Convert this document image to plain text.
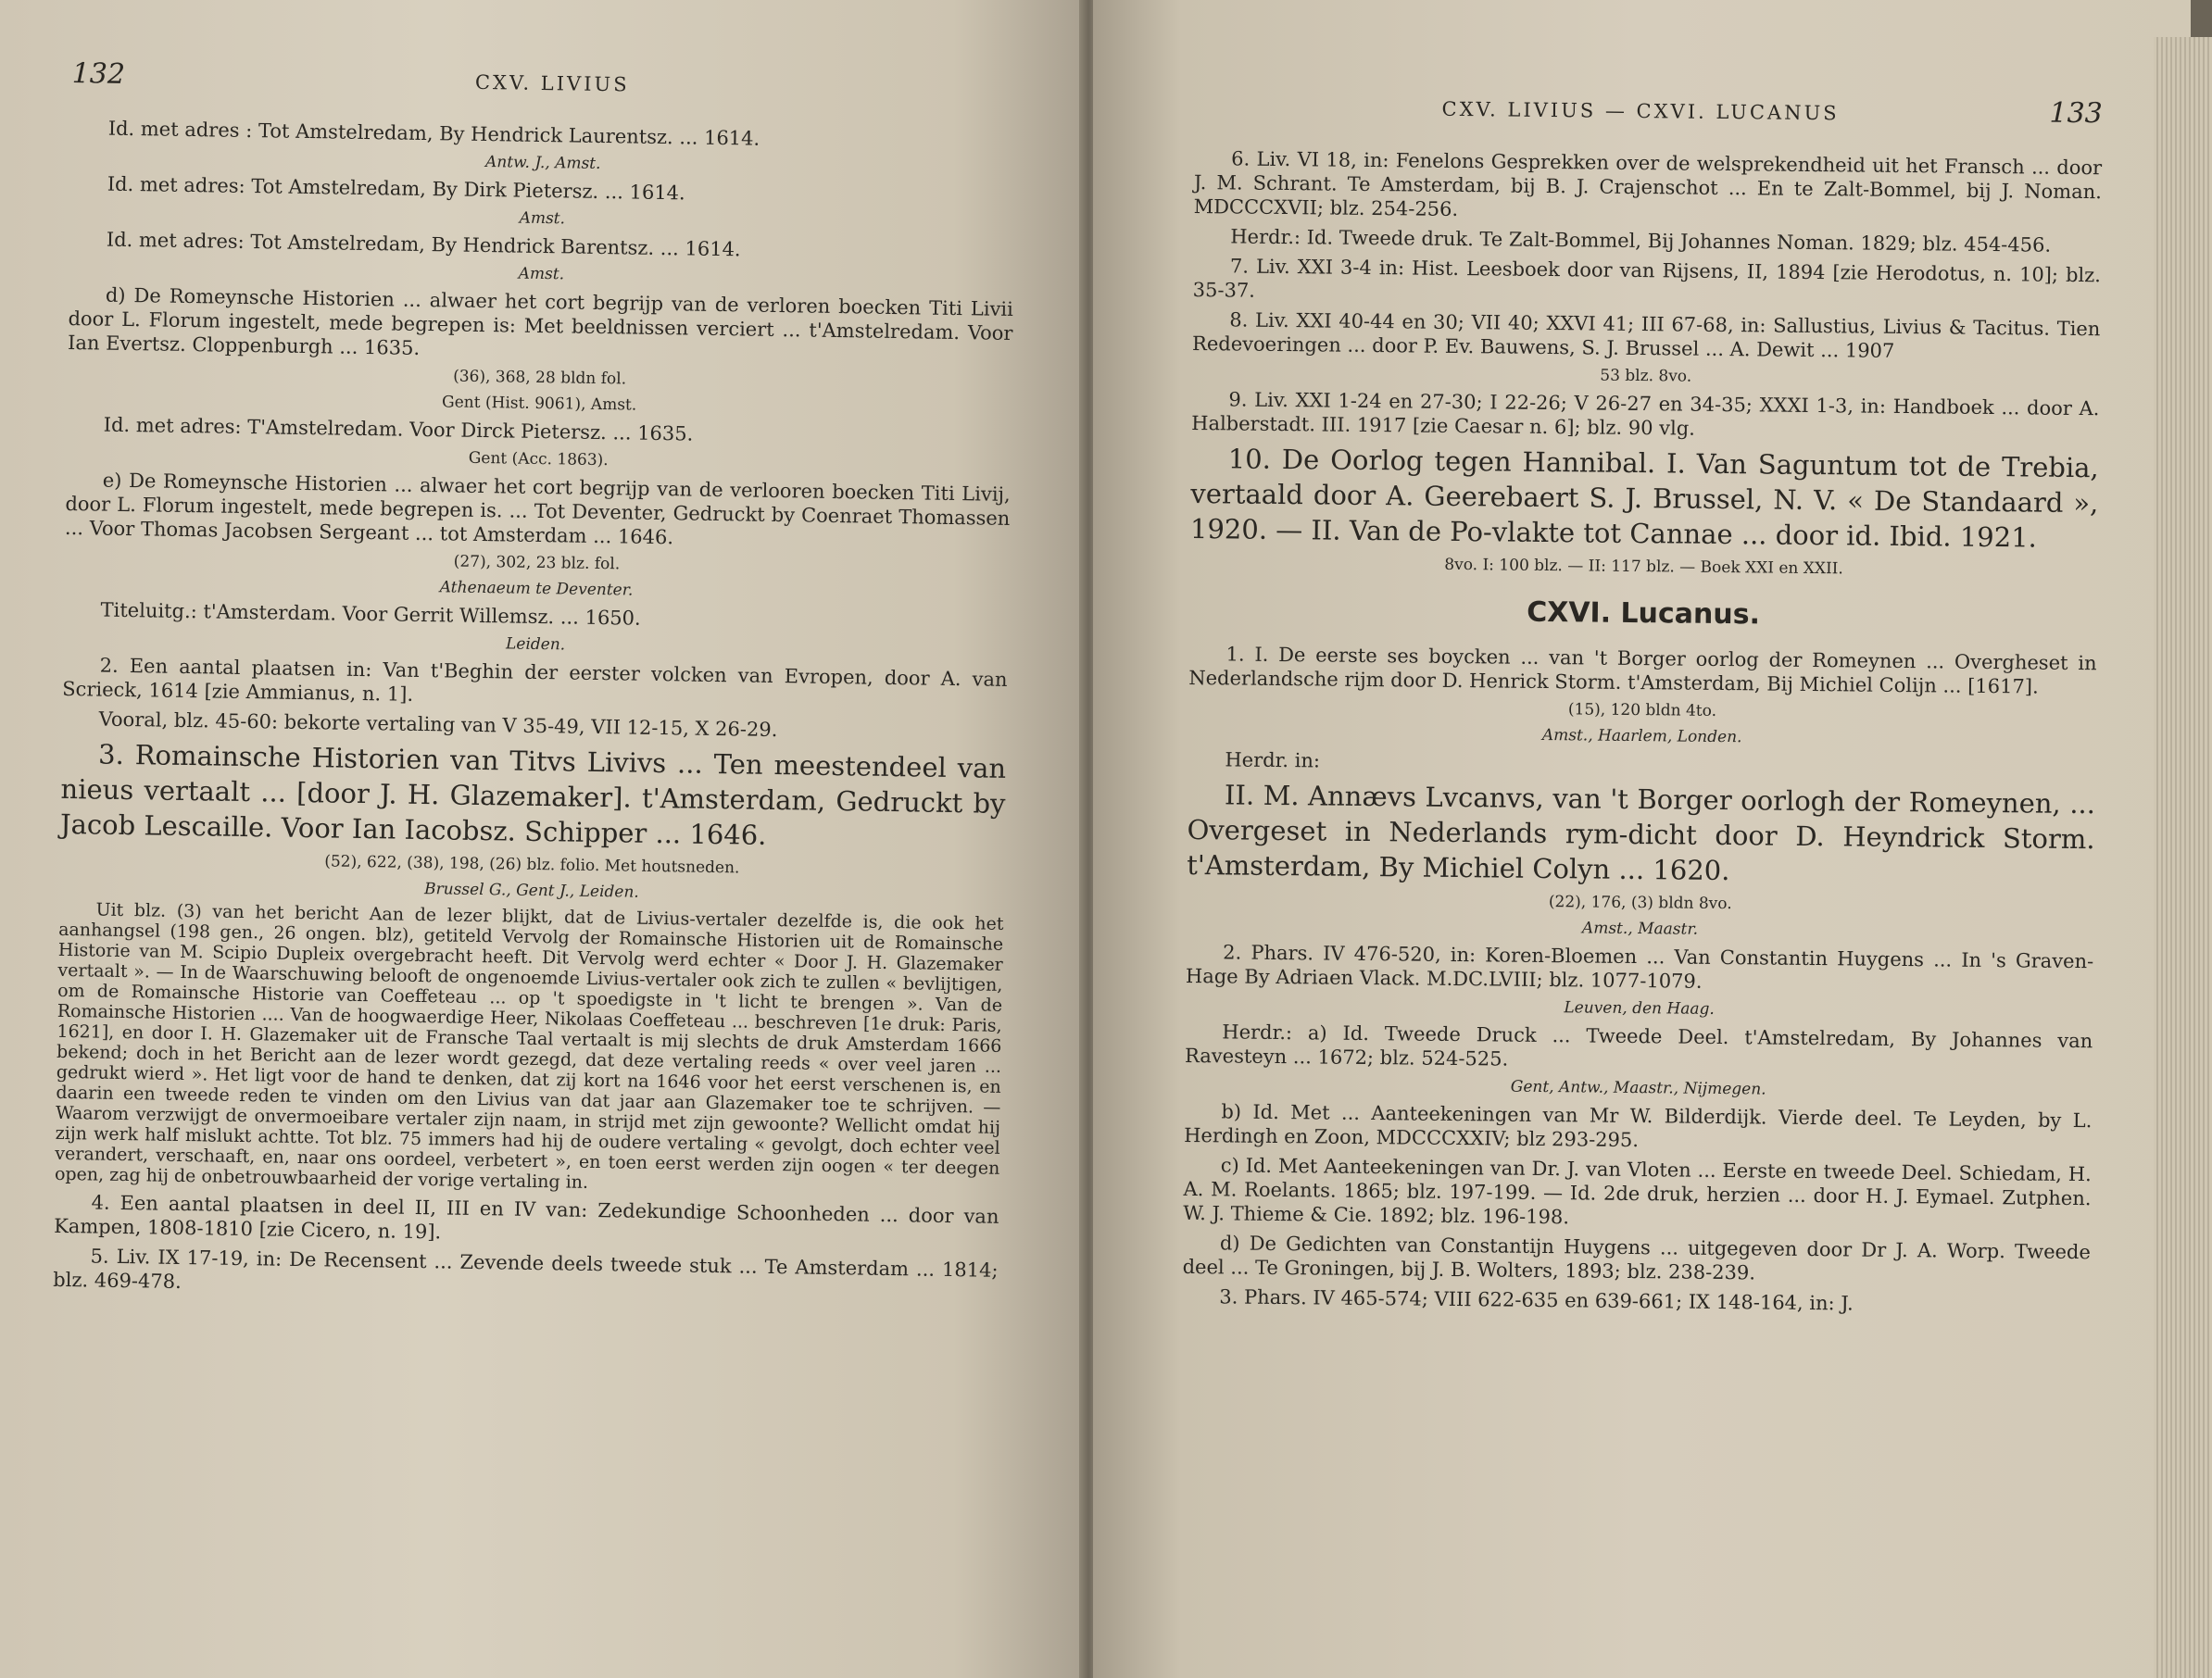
132	CXV. LIVIUS

Id. met adres : Tot Amstelredam, By Hendrick Laurentsz. ... 1614.

Antw. J., Amst.

Id. met adres: Tot Amstelredam, By Dirk Pietersz. ... 1614.

Amst.

Id. met adres: Tot Amstelredam, By Hendrick Barentsz. ... 1614.

Amst.

d) De Romeynsche Historien ... alwaer het cort begrijp van de verloren boecken Titi Livii door L. Florum ingestelt, mede begrepen is: Met beeldnissen verciert ... t'Amstelredam. Voor Ian Evertsz. Cloppenburgh ... 1635.

(36), 368, 28 bldn fol.

Gent (Hist. 9061), Amst.

Id. met adres: T'Amstelredam. Voor Dirck Pietersz. ... 1635.

Gent (Acc. 1863).

e) De Romeynsche Historien ... alwaer het cort begrijp van de verlooren boecken Titi Livij, door L. Florum ingestelt, mede begrepen is. ... Tot Deventer, Gedruckt by Coenraet Thomassen ... Voor Thomas Jacobsen Sergeant ... tot Amsterdam ... 1646.

(27), 302, 23 blz. fol.

Athenaeum te Deventer.

Titeluitg.: t'Amsterdam. Voor Gerrit Willemsz. ... 1650.

Leiden.

2. Een aantal plaatsen in: Van t'Beghin der eerster volcken van Evropen, door A. van Scrieck, 1614 [zie Ammianus, n. 1].

Vooral, blz. 45-60: bekorte vertaling van V 35-49, VII 12-15, X 26-29.

3. Romainsche Historien van Titvs Livivs ... Ten meestendeel van nieus vertaalt ... [door J. H. Glazemaker]. t'Amsterdam, Gedruckt by Jacob Lescaille. Voor Ian Iacobsz. Schipper ... 1646.

(52), 622, (38), 198, (26) blz. folio. Met houtsneden.

Brussel G., Gent J., Leiden.

Uit blz. (3) van het bericht Aan de lezer blijkt, dat de Livius-vertaler dezelfde is, die ook het aanhangsel (198 gen., 26 ongen. blz), getiteld Vervolg der Romainsche Historien uit de Romainsche Historie van M. Scipio Dupleix overgebracht heeft. Dit Vervolg werd echter « Door J. H. Glazemaker vertaalt ». — In de Waarschuwing belooft de ongenoemde Livius-vertaler ook zich te zullen « bevlijtigen, om de Romainsche Historie van Coeffeteau ... op 't spoedigste in 't licht te brengen ». Van de Romainsche Historien .... Van de hoogwaerdige Heer, Nikolaas Coeffeteau ... beschreven [1e druk: Paris, 1621], en door I. H. Glazemaker uit de Fransche Taal vertaalt is mij slechts de druk Amsterdam 1666 bekend; doch in het Bericht aan de lezer wordt gezegd, dat deze vertaling reeds « over veel jaren ... gedrukt wierd ». Het ligt voor de hand te denken, dat zij kort na 1646 voor het eerst verschenen is, en daarin een tweede reden te vinden om den Livius van dat jaar aan Glazemaker toe te schrijven. — Waarom verzwijgt de onvermoeibare vertaler zijn naam, in strijd met zijn gewoonte? Wellicht omdat hij zijn werk half mislukt achtte. Tot blz. 75 immers had hij de oudere vertaling « gevolgt, doch echter veel verandert, verschaaft, en, naar ons oordeel, verbetert », en toen eerst werden zijn oogen « ter deegen open, zag hij de onbetrouwbaarheid der vorige vertaling in.

4. Een aantal plaatsen in deel II, III en IV van: Zedekundige Schoonheden ... door van Kampen, 1808-1810 [zie Cicero, n. 19].

5. Liv. IX 17-19, in: De Recensent ... Zevende deels tweede stuk ... Te Amsterdam ... 1814; blz. 469-478.

CXV. LIVIUS — CXVI. LUCANUS	133

6. Liv. VI 18, in: Fenelons Gesprekken over de welsprekendheid uit het Fransch ... door J. M. Schrant. Te Amsterdam, bij B. J. Crajenschot ... En te Zalt-Bommel, bij J. Noman. MDCCCXVII; blz. 254-256.

Herdr.: Id. Tweede druk. Te Zalt-Bommel, Bij Johannes Noman. 1829; blz. 454-456.

7. Liv. XXI 3-4 in: Hist. Leesboek door van Rijsens, II, 1894 [zie Herodotus, n. 10]; blz. 35-37.

8. Liv. XXI 40-44 en 30; VII 40; XXVI 41; III 67-68, in: Sallustius, Livius & Tacitus. Tien Redevoeringen ... door P. Ev. Bauwens, S. J. Brussel ... A. Dewit ... 1907

53 blz. 8vo.

9. Liv. XXI 1-24 en 27-30; I 22-26; V 26-27 en 34-35; XXXI 1-3, in: Handboek ... door A. Halberstadt. III. 1917 [zie Caesar n. 6]; blz. 90 vlg.

10. De Oorlog tegen Hannibal. I. Van Saguntum tot de Trebia, vertaald door A. Geerebaert S. J. Brussel, N. V. « De Standaard », 1920. — II. Van de Po-vlakte tot Cannae ... door id. Ibid. 1921.

8vo. I: 100 blz. — II: 117 blz. — Boek XXI en XXII.

CXVI. Lucanus.

1. I. De eerste ses boycken ... van 't Borger oorlog der Romeynen ... Overgheset in Nederlandsche rijm door D. Henrick Storm. t'Amsterdam, Bij Michiel Colijn ... [1617].

(15), 120 bldn 4to.

Amst., Haarlem, Londen.

Herdr. in:

II. M. Annævs Lvcanvs, van 't Borger oorlogh der Romeynen, ... Overgeset in Nederlands rym-dicht door D. Heyndrick Storm. t'Amsterdam, By Michiel Colyn ... 1620.

(22), 176, (3) bldn 8vo.

Amst., Maastr.

2. Phars. IV 476-520, in: Koren-Bloemen ... Van Constantin Huygens ... In 's Graven-Hage By Adriaen Vlack. M.DC.LVIII; blz. 1077-1079.

Leuven, den Haag.

Herdr.: a) Id. Tweede Druck ... Tweede Deel. t'Amstelredam, By Johannes van Ravesteyn ... 1672; blz. 524-525.

Gent, Antw., Maastr., Nijmegen.

b) Id. Met ... Aanteekeningen van Mr W. Bilderdijk. Vierde deel. Te Leyden, by L. Herdingh en Zoon, MDCCCXXIV; blz 293-295.

c) Id. Met Aanteekeningen van Dr. J. van Vloten ... Eerste en tweede Deel. Schiedam, H. A. M. Roelants. 1865; blz. 197-199. — Id. 2de druk, herzien ... door H. J. Eymael. Zutphen. W. J. Thieme & Cie. 1892; blz. 196-198.

d) De Gedichten van Constantijn Huygens ... uitgegeven door Dr J. A. Worp. Tweede deel ... Te Groningen, bij J. B. Wolters, 1893; blz. 238-239.

3. Phars. IV 465-574; VIII 622-635 en 639-661; IX 148-164, in: J.
